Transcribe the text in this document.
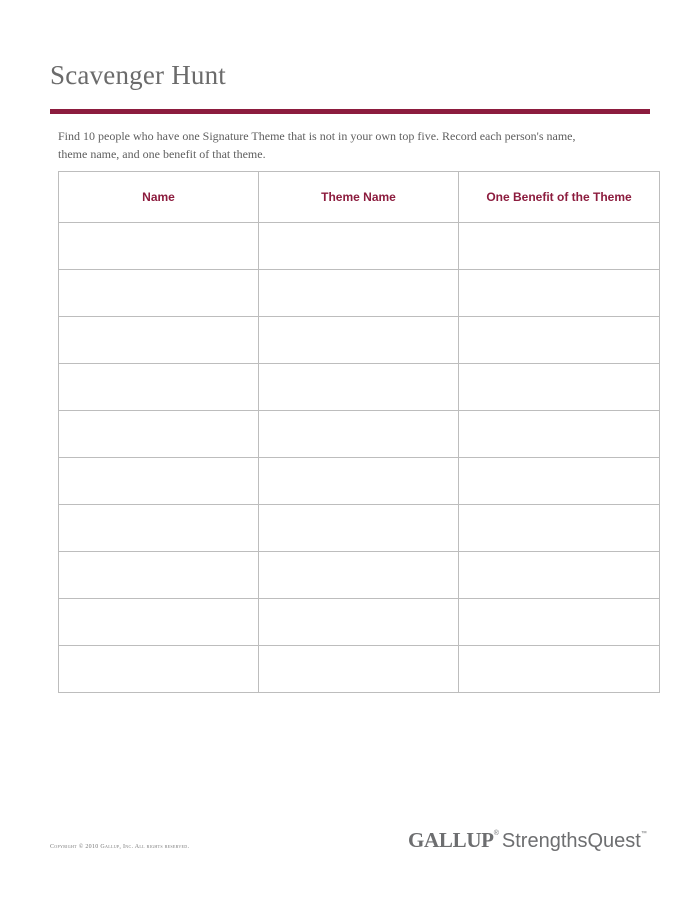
Scavenger Hunt

Find 10 people who have one Signature Theme that is not in your own top five. Record each person's name,
theme name, and one benefit of that theme.

Name	Theme Name	One Benefit of the Theme

Copyright © 2010 Gallup, Inc. All rights reserved.	GALLUP® StrengthsQuest™
